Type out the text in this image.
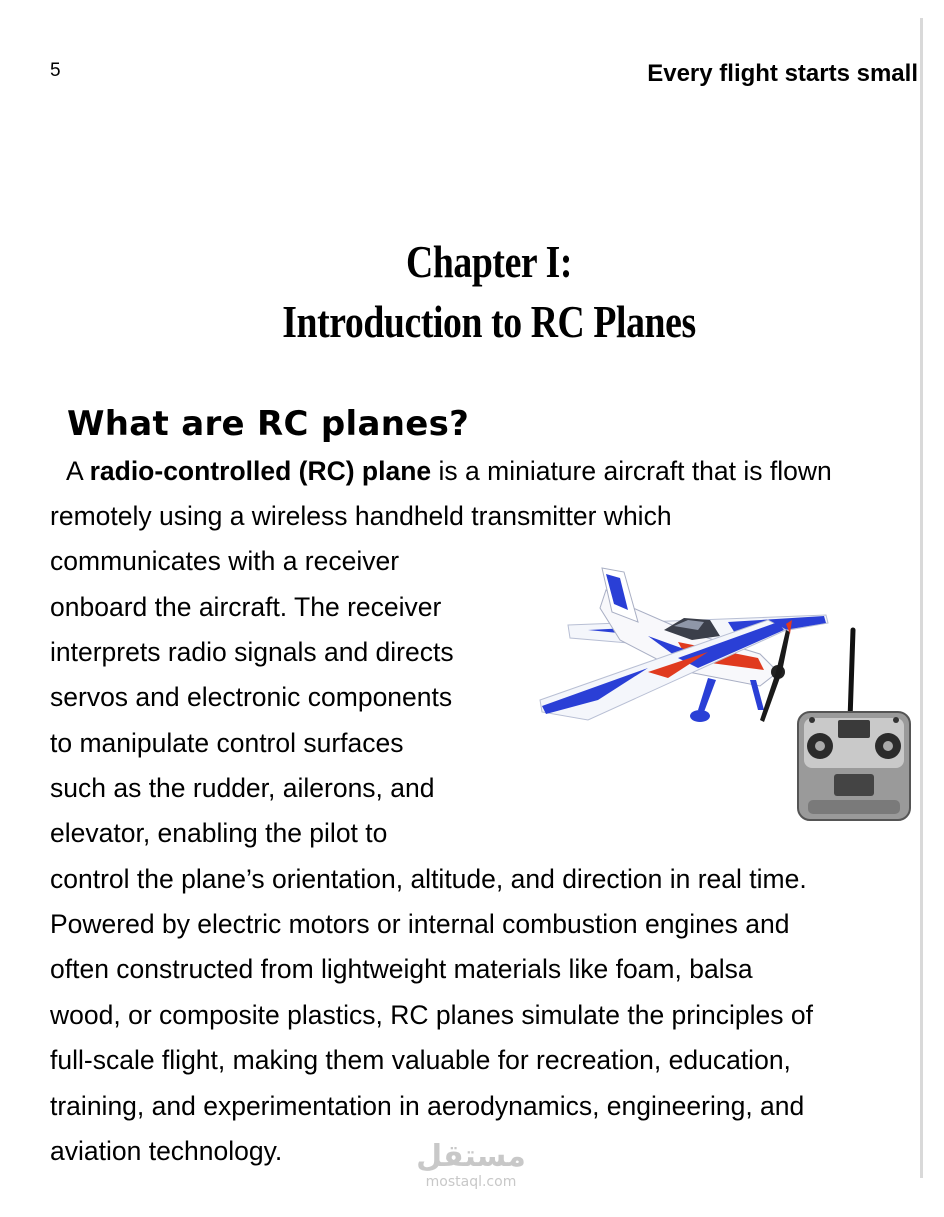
5	Every flight starts small
Chapter I:
Introduction to RC Planes
What are RC planes?
A radio-controlled (RC) plane is a miniature aircraft that is flown
remotely using a wireless handheld transmitter which
communicates with a receiver
onboard the aircraft. The receiver
interprets radio signals and directs
servos and electronic components
to manipulate control surfaces
such as the rudder, ailerons, and
elevator, enabling the pilot to
control the plane’s orientation, altitude, and direction in real time.
Powered by electric motors or internal combustion engines and
often constructed from lightweight materials like foam, balsa
wood, or composite plastics, RC planes simulate the principles of
full-scale flight, making them valuable for recreation, education,
training, and experimentation in aerodynamics, engineering, and
aviation technology.	مستقل
mostaql.com
